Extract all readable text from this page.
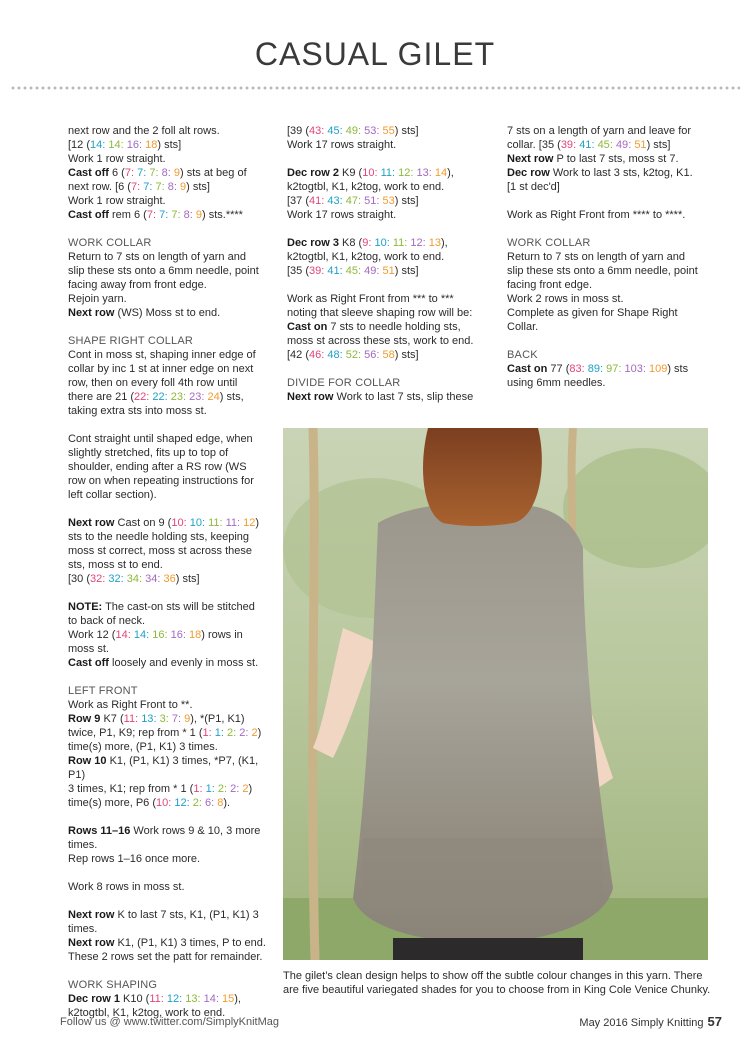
CASUAL GILET

next row and the 2 foll alt rows.

[12 (14: 14: 16: 18) sts]

Work 1 row straight.

Cast off 6 (7: 7: 7: 8: 9) sts at beg of

next row. [6 (7: 7: 7: 8: 9) sts]

Work 1 row straight.

Cast off rem 6 (7: 7: 7: 8: 9) sts.****

WORK COLLAR

Return to 7 sts on length of yarn and

slip these sts onto a 6mm needle, point

facing away from front edge.

Rejoin yarn.

Next row (WS) Moss st to end.

SHAPE RIGHT COLLAR

Cont in moss st, shaping inner edge of

collar by inc 1 st at inner edge on next

row, then on every foll 4th row until

there are 21 (22: 22: 23: 23: 24) sts,

taking extra sts into moss st.

Cont straight until shaped edge, when

slightly stretched, fits up to top of

shoulder, ending after a RS row (WS

row on when repeating instructions for

left collar section).

Next row Cast on 9 (10: 10: 11: 11: 12)

sts to the needle holding sts, keeping

moss st correct, moss st across these

sts, moss st to end.

[30 (32: 32: 34: 34: 36) sts]

NOTE: The cast-on sts will be stitched

to back of neck.

Work 12 (14: 14: 16: 16: 18) rows in

moss st.

Cast off loosely and evenly in moss st.

LEFT FRONT

Work as Right Front to **.

Row 9 K7 (11: 13: 3: 7: 9), *(P1, K1)

twice, P1, K9; rep from * 1 (1: 1: 2: 2: 2)

time(s) more, (P1, K1) 3 times.

Row 10 K1, (P1, K1) 3 times, *P7, (K1, P1)

3 times, K1; rep from * 1 (1: 1: 2: 2: 2)

time(s) more, P6 (10: 12: 2: 6: 8).

Rows 11–16 Work rows 9 & 10, 3 more

times.

Rep rows 1–16 once more.

Work 8 rows in moss st.

Next row K to last 7 sts, K1, (P1, K1) 3

times.

Next row K1, (P1, K1) 3 times, P to end.

These 2 rows set the patt for remainder.

WORK SHAPING

Dec row 1 K10 (11: 12: 13: 14: 15),

k2togtbl, K1, k2tog, work to end.

[39 (43: 45: 49: 53: 55) sts]

Work 17 rows straight.

Dec row 2 K9 (10: 11: 12: 13: 14),

k2togtbl, K1, k2tog, work to end.

[37 (41: 43: 47: 51: 53) sts]

Work 17 rows straight.

Dec row 3 K8 (9: 10: 11: 12: 13),

k2togtbl, K1, k2tog, work to end.

[35 (39: 41: 45: 49: 51) sts]

Work as Right Front from *** to ***

noting that sleeve shaping row will be:

Cast on 7 sts to needle holding sts,

moss st across these sts, work to end.

[42 (46: 48: 52: 56: 58) sts]

DIVIDE FOR COLLAR

Next row Work to last 7 sts, slip these

7 sts on a length of yarn and leave for

collar. [35 (39: 41: 45: 49: 51) sts]

Next row P to last 7 sts, moss st 7.

Dec row Work to last 3 sts, k2tog, K1.

[1 st dec'd]

Work as Right Front from **** to ****.

WORK COLLAR

Return to 7 sts on length of yarn and

slip these sts onto a 6mm needle, point

facing front edge.

Work 2 rows in moss st.

Complete as given for Shape Right

Collar.

BACK

Cast on 77 (83: 89: 97: 103: 109) sts

using 6mm needles.

The gilet’s clean design helps to show off the subtle colour changes in this yarn. There are five beautiful variegated shades for you to choose from in King Cole Venice Chunky.
Follow us @ www.twitter.com/SimplyKnitMag	May 2016 Simply Knitting 57
